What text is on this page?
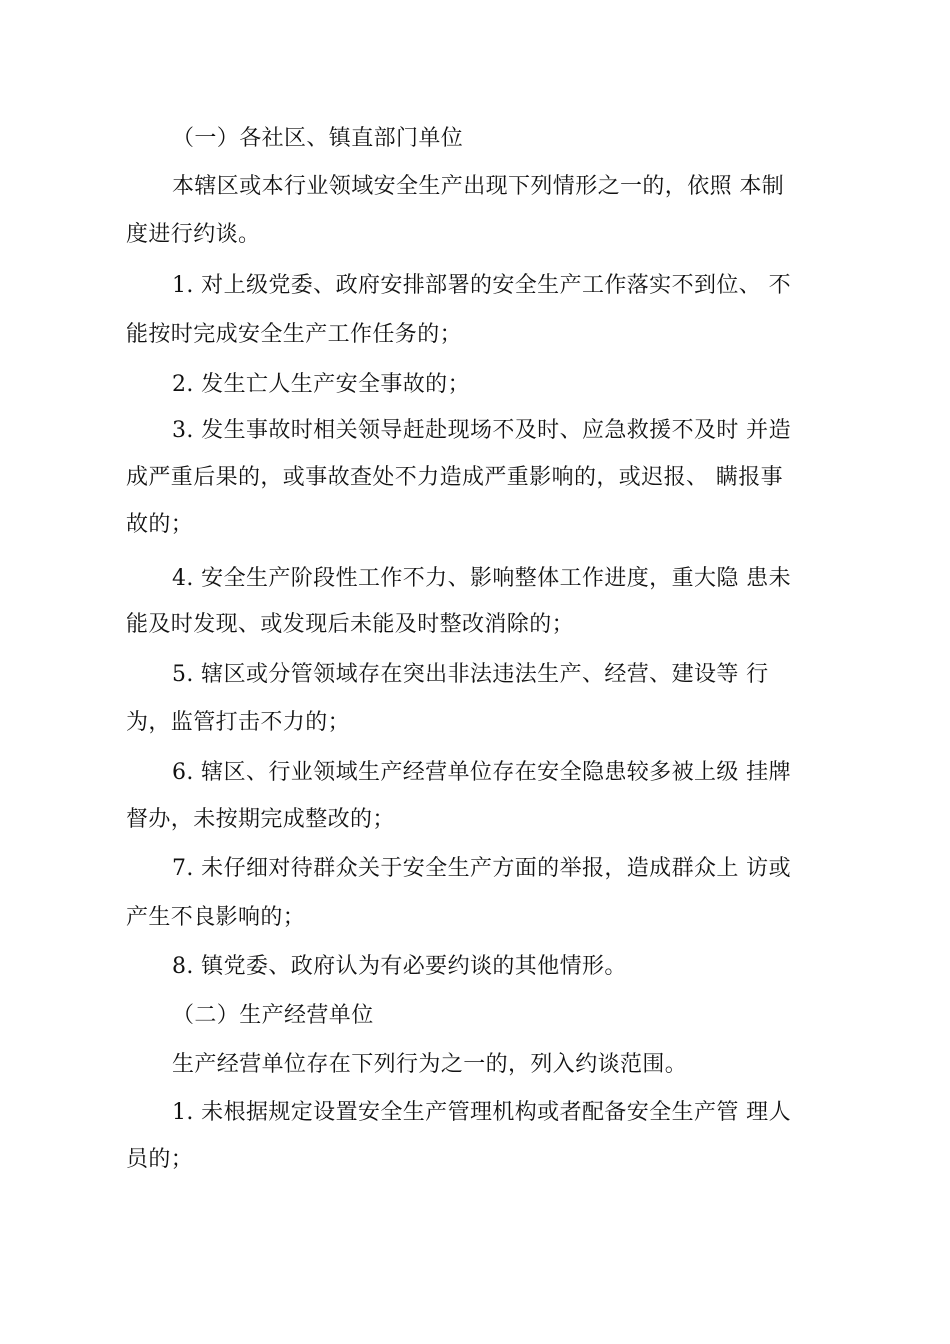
（一）各社区、镇直部门单位
本辖区或本行业领域安全生产出现下列情形之一的，依照 本制
度进行约谈。
1. 对上级党委、政府安排部署的安全生产工作落实不到位、 不
能按时完成安全生产工作任务的；
2. 发生亡人生产安全事故的；
3. 发生事故时相关领导赶赴现场不及时、应急救援不及时 并造
成严重后果的，或事故查处不力造成严重影响的，或迟报、 瞒报事
故的；
4. 安全生产阶段性工作不力、影响整体工作进度，重大隐 患未
能及时发现、或发现后未能及时整改消除的；
5. 辖区或分管领域存在突出非法违法生产、经营、建设等 行
为，监管打击不力的；
6. 辖区、行业领域生产经营单位存在安全隐患较多被上级 挂牌
督办，未按期完成整改的；
7. 未仔细对待群众关于安全生产方面的举报，造成群众上 访或
产生不良影响的；
8. 镇党委、政府认为有必要约谈的其他情形。
（二）生产经营单位
生产经营单位存在下列行为之一的，列入约谈范围。
1. 未根据规定设置安全生产管理机构或者配备安全生产管 理人
员的；
